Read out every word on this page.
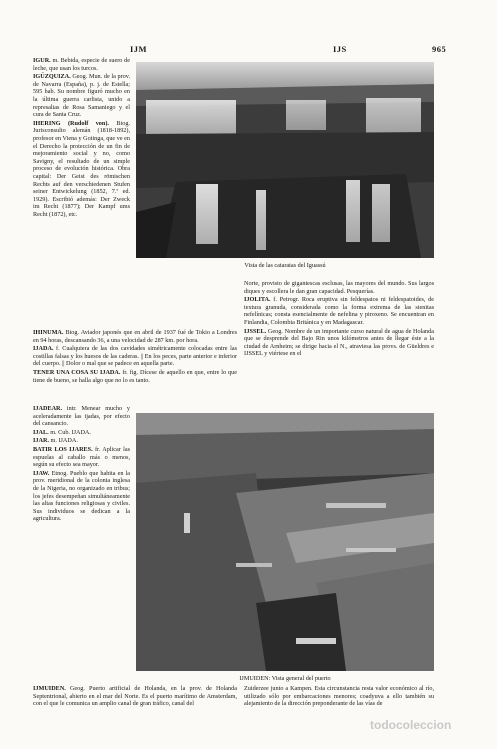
IJM	IJS	965
Vista de las cataratas del Iguassú

IGUR. m. Bebida, especie de suero de leche, que usan los turcos.

IGÜZQUIZA. Geog. Mun. de la prov. de Navarra (España), p. j. de Estella; 595 hab. Su nombre figuró mucho en la última guerra carlista, unido a represalias de Rosa Samaniego y el cura de Santa Cruz.

IHERING (Rudolf von). Biog. Jurisconsulto alemán (1818-1892), profesor en Viena y Gotinga, que ve en el Derecho la protección de un fin de mejoramiento social y no, como Savigny, el resultado de un simple proceso de evolución histórica. Obra capital: Der Geist des römischen Rechts auf den verschiedenen Stufen seiner Entwickelung (1852, 7.ª ed. 1929). Escribió además: Der Zweck im Recht (1877); Der Kampf ums Recht (1872), etc.

IHINUMA. Biog. Aviador japonés que en abril de 1937 fué de Tokio a Londres en 94 horas, descansando 36, a una velocidad de 287 km. por hora.

IJADA. f. Cualquiera de las dos cavidades simétricamente colocadas entre las costillas falsas y los huesos de las caderas. || En los peces, parte anterior e inferior del cuerpo. || Dolor o mal que se padece en aquella parte.

TENER UNA COSA SU IJADA. fr. fig. Dícese de aquello en que, entre lo que tiene de bueno, se halla algo que no lo es tanto.

Norte, provisto de gigantescas esclusas, las mayores del mundo. Sus largos diques y escollera le dan gran capacidad. Pesquerías.

IJOLITA. f. Petrogr. Roca eruptiva sin feldespatos ni feldespatoides, de textura granuda, considerada como la forma extrema de las sienitas nefelínicas; consta esencialmente de nefelina y piroxeno. Se encuentran en Finlandia, Colombia Británica y en Madagascar.

IJSSEL. Geog. Nombre de un importante curso natural de agua de Holanda que se desprende del Bajo Rin unos kilómetros antes de llegar éste a la ciudad de Arnheim; se dirige hacia el N., atraviesa las provs. de Güeldres e IJSSEL y viértese en el

IJADEAR. intr. Menear mucho y aceleradamente las ijadas, por efecto del cansancio.

IJAL. m. Cub. IJADA.

IJAR. m. IJADA.

BATIR LOS IJARES. fr. Aplicar las espuelas al caballo más o menos, según su efecto sea mayor.

IJAW. Etnog. Pueblo que habita en la prov. meridional de la colonia inglesa de la Nigeria, no organizado en tribus; los jefes desempeñan simultáneamente las altas funciones religiosas y civiles. Sus individuos se dedican a la agricultura.

IJMUIDEN: Vista general del puerto

IJMUIDEN. Geog. Puerto artificial de Holanda, en la prov. de Holanda Septentrional, abierto en el mar del Norte. Es el puerto marítimo de Amsterdam, con el que le comunica un amplio canal de gran tráfico, canal del

Zuiderzee junto a Kampen. Esta circunstancia resta valor económico al río, utilizado sólo por embarcaciones menores; coadyuva a ello también su alejamiento de la dirección preponderante de las vías de

todocoleccion
